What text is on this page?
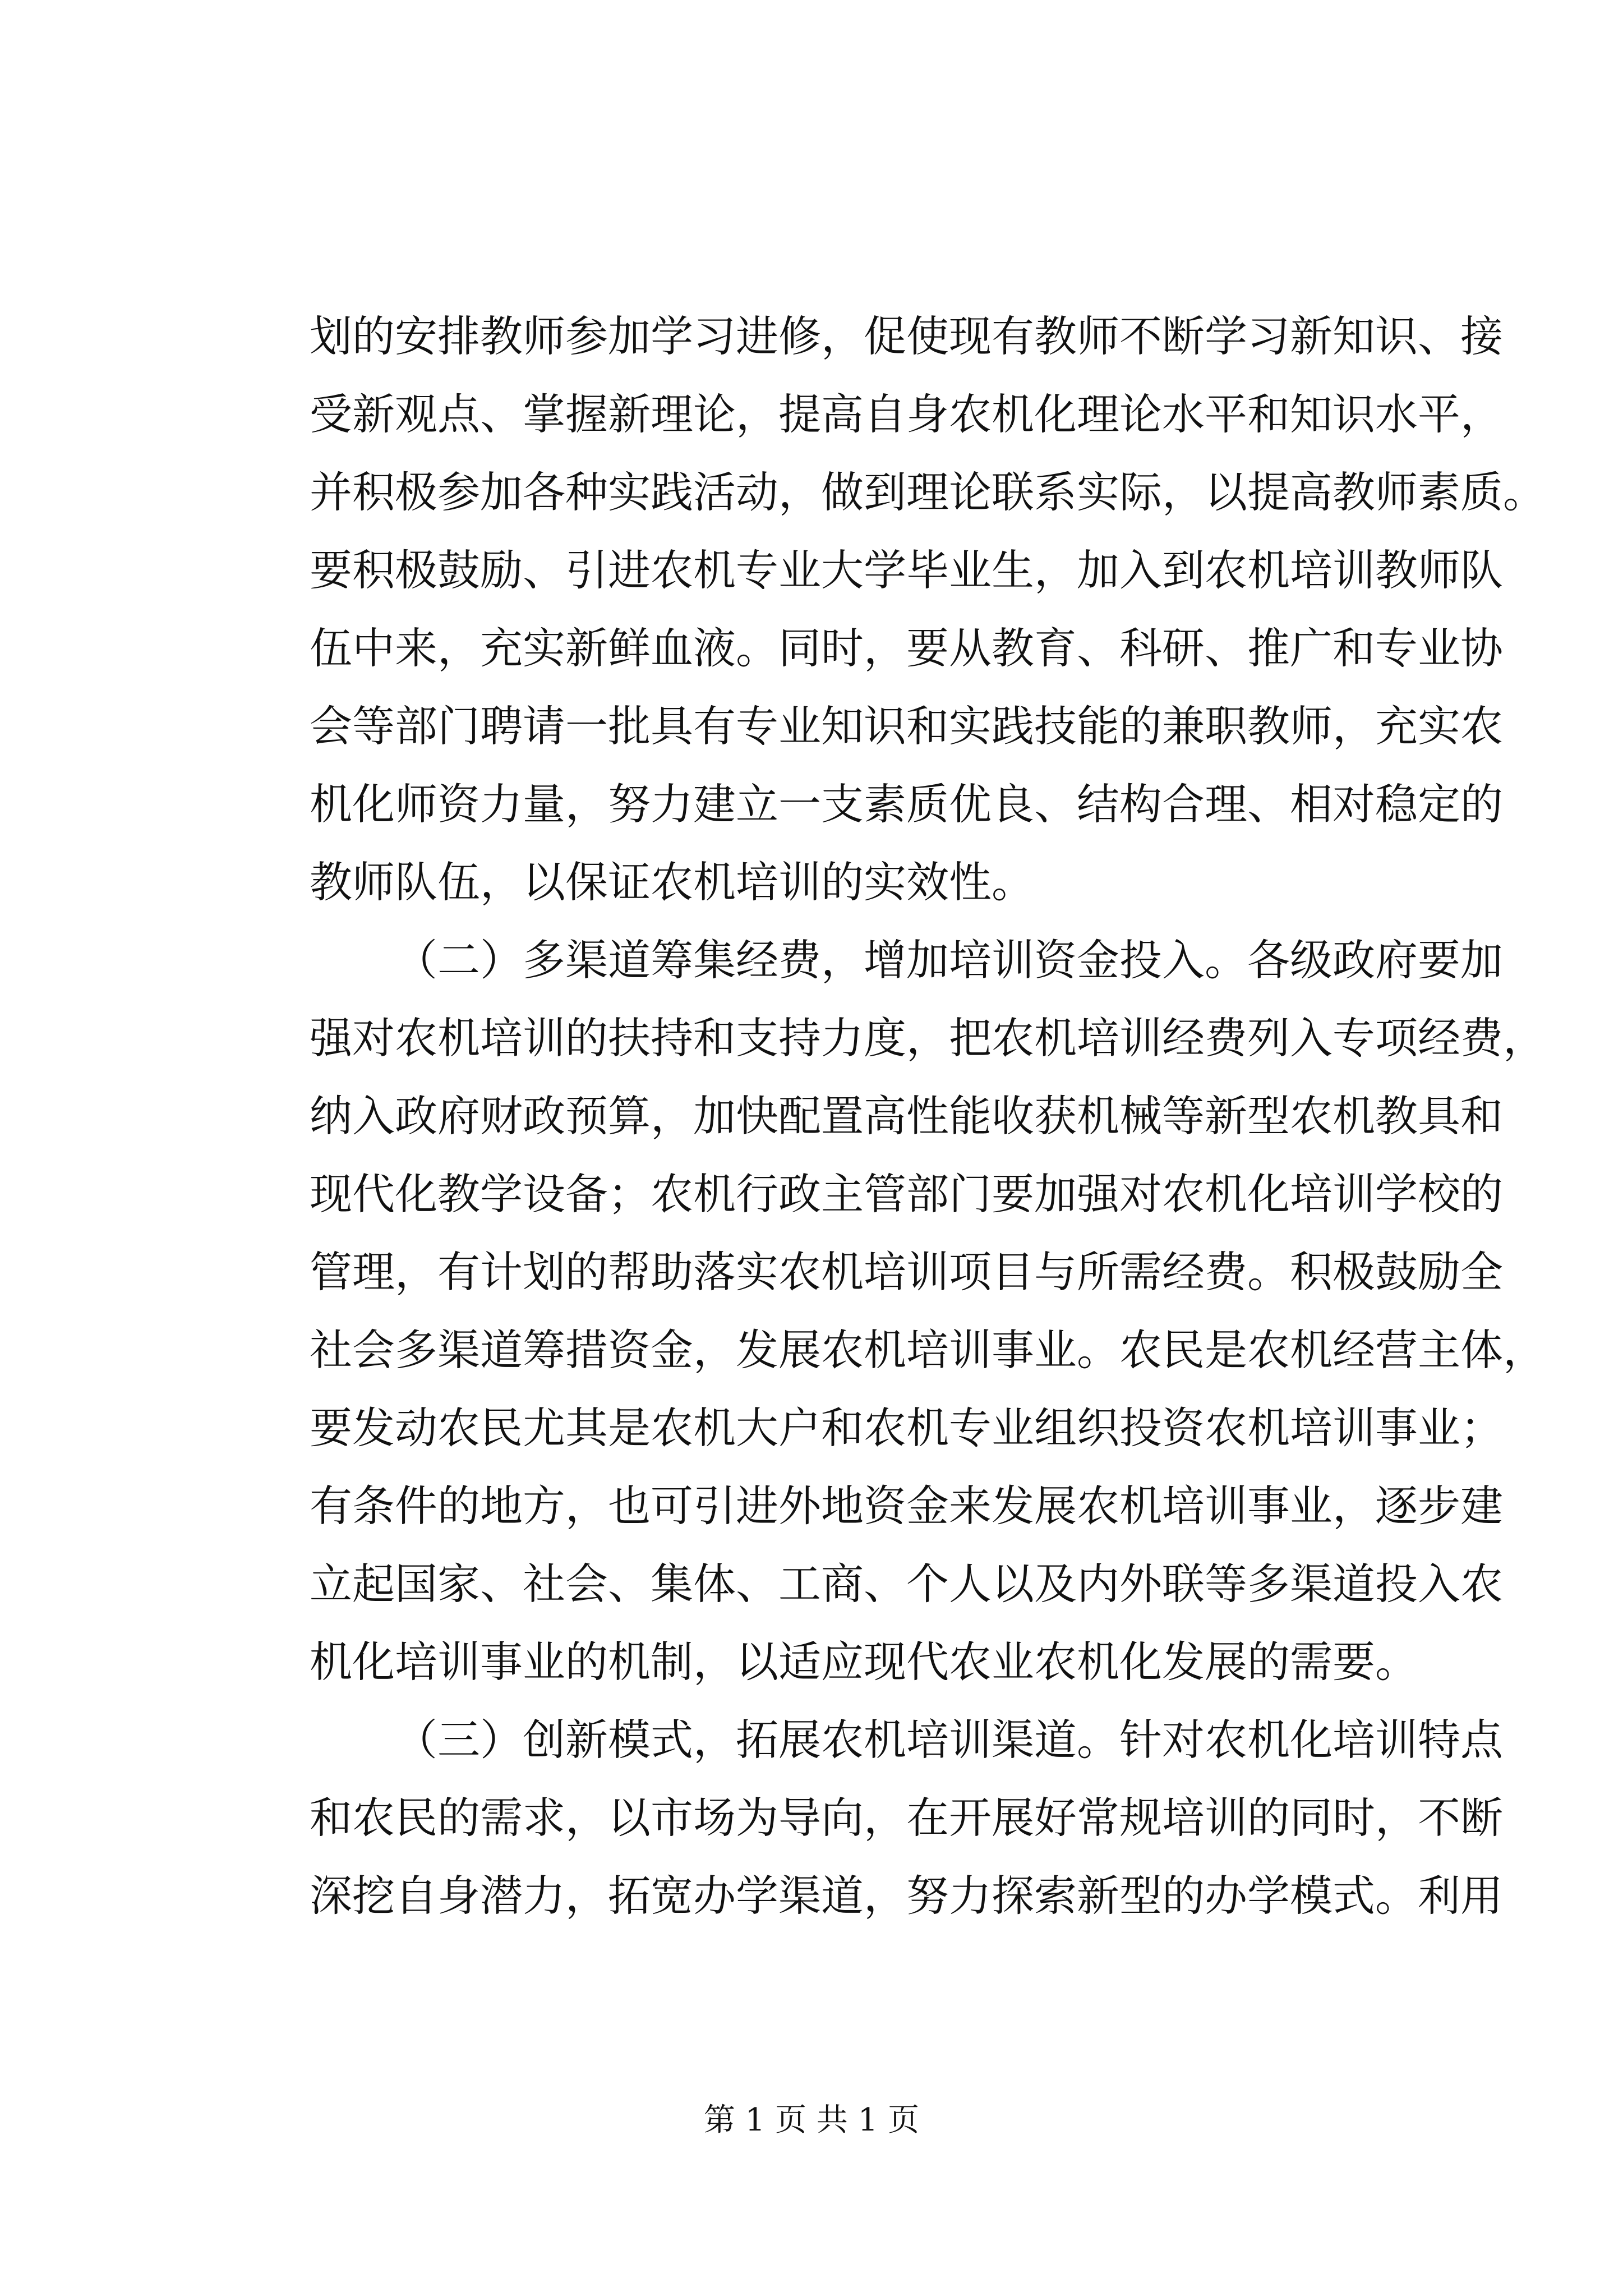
划的安排教师参加学习进修，促使现有教师不断学习新知识、接
受新观点、掌握新理论，提高自身农机化理论水平和知识水平，
并积极参加各种实践活动，做到理论联系实际，以提高教师素质。
要积极鼓励、引进农机专业大学毕业生，加入到农机培训教师队
伍中来，充实新鲜血液。同时，要从教育、科研、推广和专业协
会等部门聘请一批具有专业知识和实践技能的兼职教师，充实农
机化师资力量，努力建立一支素质优良、结构合理、相对稳定的
教师队伍，以保证农机培训的实效性。
（二）多渠道筹集经费，增加培训资金投入。各级政府要加
强对农机培训的扶持和支持力度，把农机培训经费列入专项经费，
纳入政府财政预算，加快配置高性能收获机械等新型农机教具和
现代化教学设备；农机行政主管部门要加强对农机化培训学校的
管理，有计划的帮助落实农机培训项目与所需经费。积极鼓励全
社会多渠道筹措资金，发展农机培训事业。农民是农机经营主体，
要发动农民尤其是农机大户和农机专业组织投资农机培训事业；
有条件的地方，也可引进外地资金来发展农机培训事业，逐步建
立起国家、社会、集体、工商、个人以及内外联等多渠道投入农
机化培训事业的机制，以适应现代农业农机化发展的需要。
（三）创新模式，拓展农机培训渠道。针对农机化培训特点
和农民的需求，以市场为导向，在开展好常规培训的同时，不断
深挖自身潜力，拓宽办学渠道，努力探索新型的办学模式。利用
第 1 页 共 1 页
